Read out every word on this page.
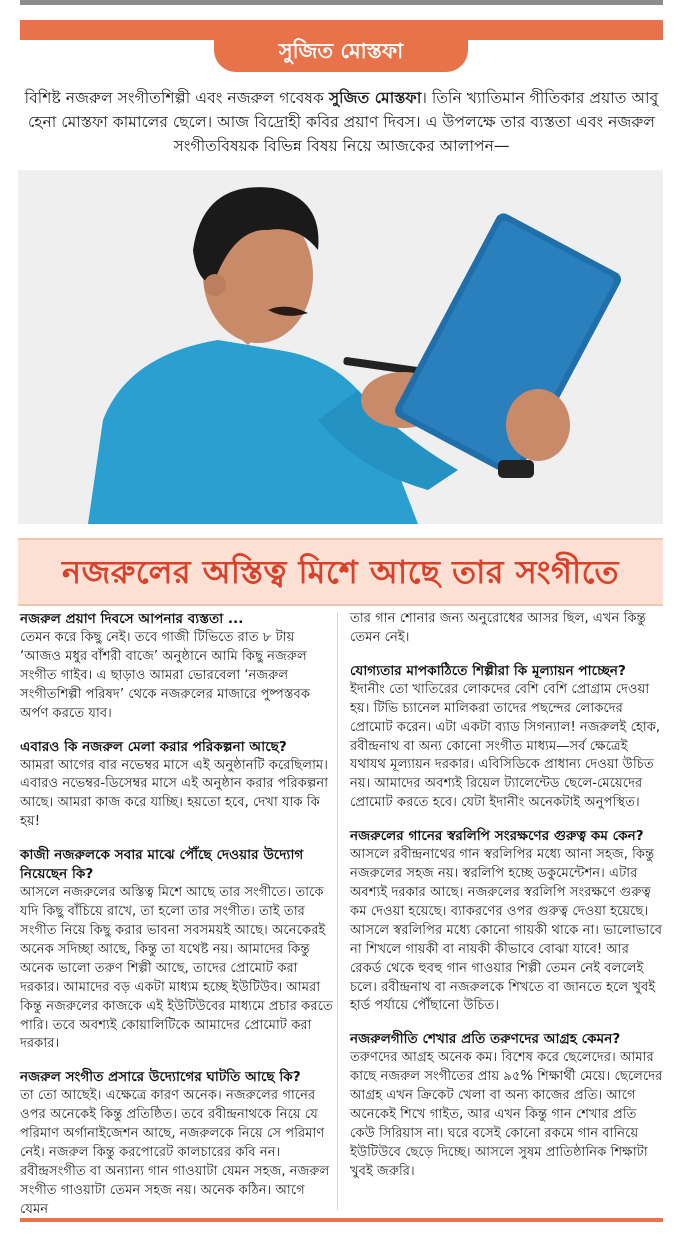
সুজিত মোস্তফা
বিশিষ্ট নজরুল সংগীতশিল্পী এবং নজরুল গবেষক সুজিত মোস্তফা। তিনি খ্যাতিমান গীতিকার প্রয়াত আবু হেনা মোস্তফা কামালের ছেলে। আজ বিদ্রোহী কবির প্রয়াণ দিবস। এ উপলক্ষে তার ব্যস্ততা এবং নজরুল সংগীতবিষয়ক বিভিন্ন বিষয় নিয়ে আজকের আলাপন—
নজরুলের অস্তিত্ব মিশে আছে তার সংগীতে
নজরুল প্রয়াণ দিবসে আপনার ব্যস্ততা ...
তেমন করে কিছু নেই। তবে গাজী টিভিতে রাত ৮ টায় ‘আজও মধুর বাঁশরী বাজে’ অনুষ্ঠানে আমি কিছু নজরুল সংগীত গাইব। এ ছাড়াও আমরা ভোরবেলা ‘নজরুল সংগীতশিল্পী পরিষদ’ থেকে নজরুলের মাজারে পুষ্পস্তবক অর্পণ করতে যাব।
এবারও কি নজরুল মেলা করার পরিকল্পনা আছে?
আমরা আগের বার নভেম্বর মাসে এই অনুষ্ঠানটি করেছিলাম। এবারও নভেম্বর-ডিসেম্বর মাসে এই অনুষ্ঠান করার পরিকল্পনা আছে। আমরা কাজ করে যাচ্ছি। হয়তো হবে, দেখা যাক কি হয়!
কাজী নজরুলকে সবার মাঝে পৌঁছে দেওয়ার উদ্যোগ নিয়েছেন কি?
আসলে নজরুলের অস্তিত্ব মিশে আছে তার সংগীতে। তাকে যদি কিছু বাঁচিয়ে রাখে, তা হলো তার সংগীত। তাই তার সংগীত নিয়ে কিছু করার ভাবনা সবসময়ই আছে। অনেকেরই অনেক সদিচ্ছা আছে, কিন্তু তা যথেষ্ট নয়। আমাদের কিন্তু অনেক ভালো তরুণ শিল্পী আছে, তাদের প্রোমোট করা দরকার। আমাদের বড় একটা মাধ্যম হচ্ছে ইউটিউব। আমরা কিন্তু নজরুলের কাজকে এই ইউটিউবের মাধ্যমে প্রচার করতে পারি। তবে অবশ্যই কোয়ালিটিকে আমাদের প্রোমোট করা দরকার।
নজরুল সংগীত প্রসারে উদ্যোগের ঘাটতি আছে কি?
তা তো আছেই। এক্ষেত্রে কারণ অনেক। নজরুলের গানের ওপর অনেকেই কিন্তু প্রতিষ্ঠিত। তবে রবীন্দ্রনাথকে নিয়ে যে পরিমাণ অর্গানাইজেশন আছে, নজরুলকে নিয়ে সে পরিমাণ নেই। নজরুল কিন্তু করপোরেট কালচারের কবি নন। রবীন্দ্রসংগীত বা অন্যান্য গান গাওয়াটা যেমন সহজ, নজরুল সংগীত গাওয়াটা তেমন সহজ নয়। অনেক কঠিন। আগে যেমন
তার গান শোনার জন্য অনুরোধের আসর ছিল, এখন কিন্তু তেমন নেই।
যোগ্যতার মাপকাঠিতে শিল্পীরা কি মূল্যায়ন পাচ্ছেন?
ইদানীং তো খাতিরের লোকদের বেশি বেশি প্রোগ্রাম দেওয়া হয়। টিভি চ্যানেল মালিকরা তাদের পছন্দের লোকদের প্রোমোট করেন। এটা একটা ব্যাড সিগন্যাল! নজরুলই হোক, রবীন্দ্রনাথ বা অন্য কোনো সংগীত মাধ্যম—সর্ব ক্ষেত্রেই যথাযথ মূল্যায়ন দরকার। এবিসিডিকে প্রাধান্য দেওয়া উচিত নয়। আমাদের অবশ্যই রিয়েল ট্যালেন্টেড ছেলে-মেয়েদের প্রোমোট করতে হবে। যেটা ইদানীং অনেকটাই অনুপস্থিত।
নজরুলের গানের স্বরলিপি সংরক্ষণের গুরুত্ব কম কেন?
আসলে রবীন্দ্রনাথের গান স্বরলিপির মধ্যে আনা সহজ, কিন্তু নজরুলের সহজ নয়। স্বরলিপি হচ্ছে ডকুমেন্টেশন। এটার অবশ্যই দরকার আছে। নজরুলের স্বরলিপি সংরক্ষণে গুরুত্ব কম দেওয়া হয়েছে। ব্যাকরণের ওপর গুরুত্ব দেওয়া হয়েছে। আসলে স্বরলিপির মধ্যে কোনো গায়কী থাকে না। ভালোভাবে না শিখলে গায়কী বা নায়কী কীভাবে বোঝা যাবে! আর রেকর্ড থেকে হুবহু গান গাওয়ার শিল্পী তেমন নেই বললেই চলে। রবীন্দ্রনাথ বা নজরুলকে শিখতে বা জানতে হলে খুবই হার্ড পর্যায়ে পৌঁছানো উচিত।
নজরুলগীতি শেখার প্রতি তরুণদের আগ্রহ কেমন?
তরুণদের আগ্রহ অনেক কম। বিশেষ করে ছেলেদের। আমার কাছে নজরুল সংগীতের প্রায় ৯৫% শিক্ষার্থী মেয়ে। ছেলেদের আগ্রহ এখন ক্রিকেট খেলা বা অন্য কাজের প্রতি। আগে অনেকেই শিখে গাইত, আর এখন কিন্তু গান শেখার প্রতি কেউ সিরিয়াস না। ঘরে বসেই কোনো রকমে গান বানিয়ে ইউটিউবে ছেড়ে দিচ্ছে। আসলে সুষম প্রাতিষ্ঠানিক শিক্ষাটা খুবই জরুরি।
